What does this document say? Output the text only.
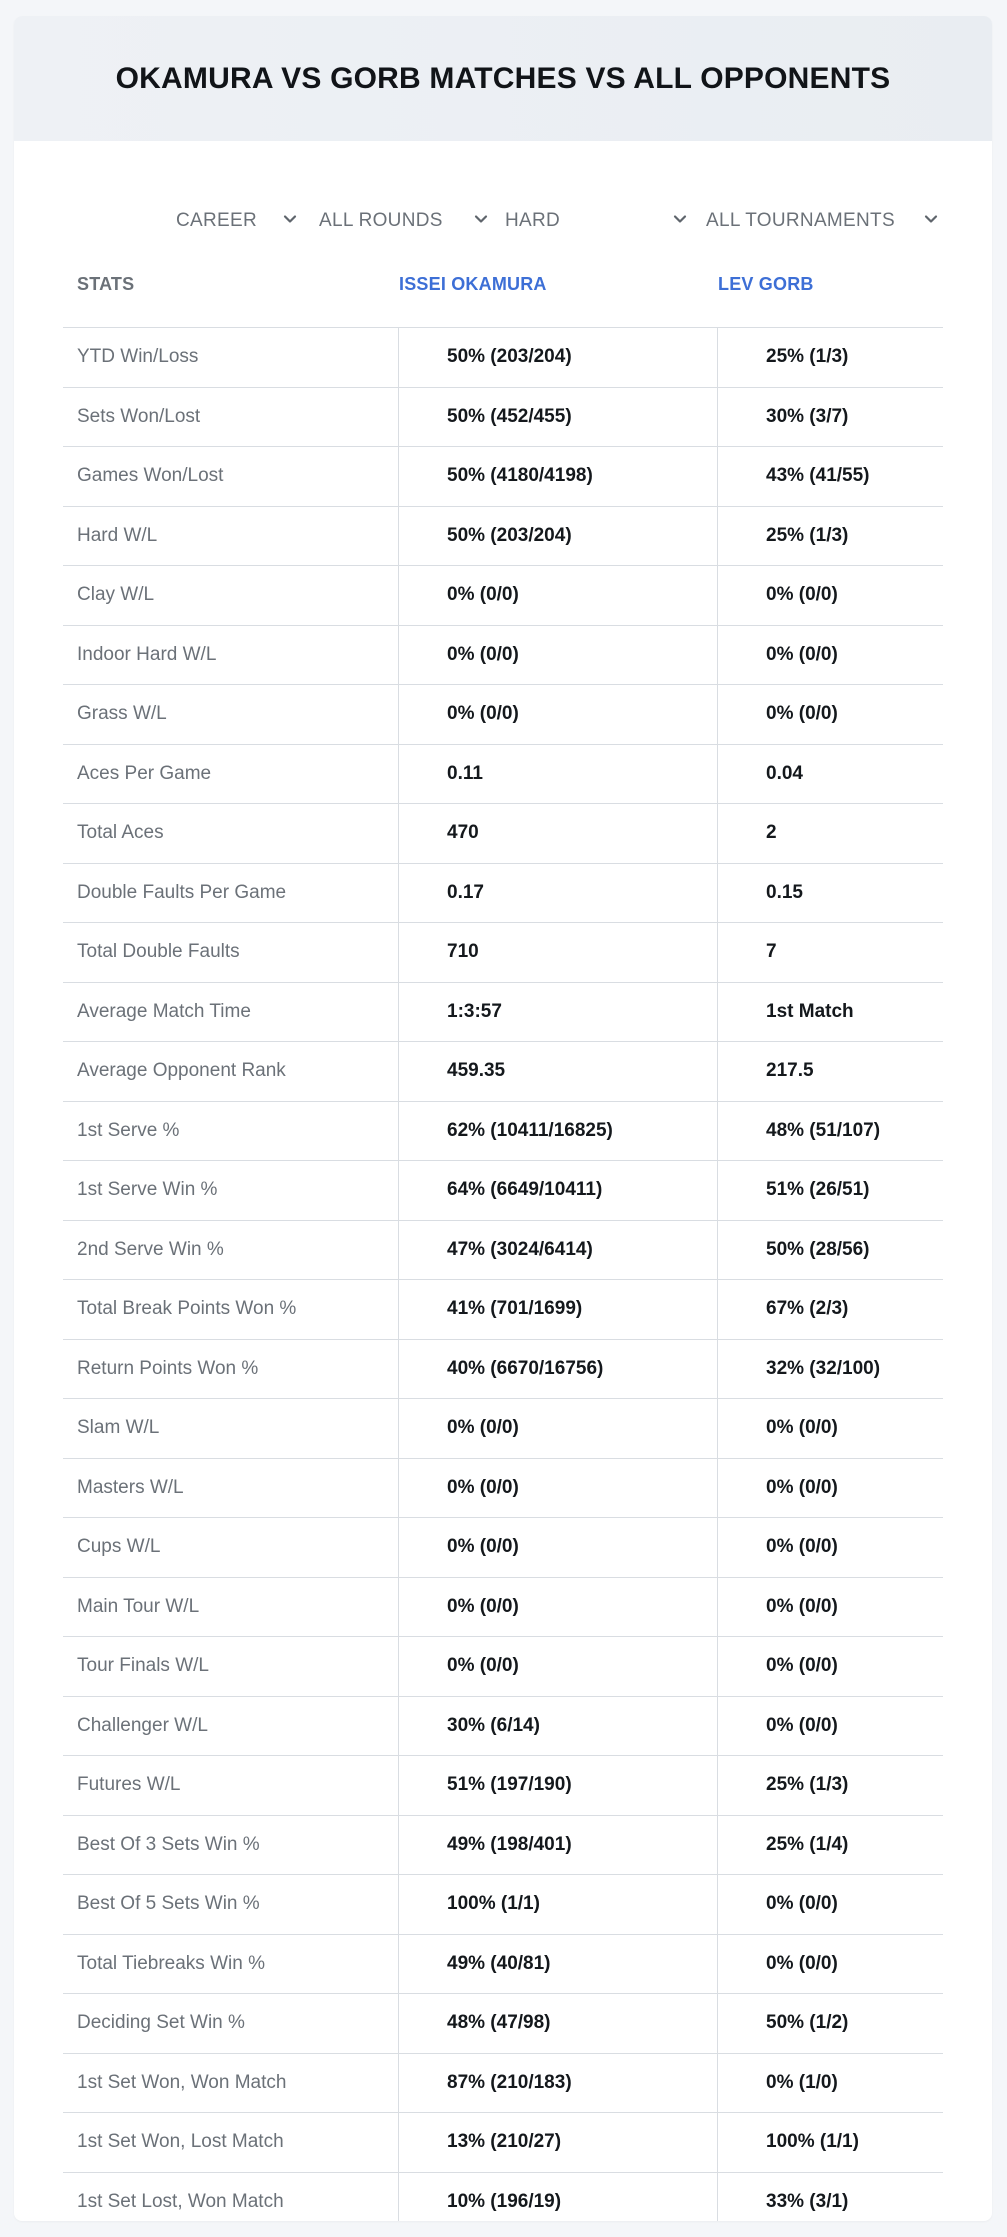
OKAMURA VS GORB MATCHES VS ALL OPPONENTS
CAREER	ALL ROUNDS	HARD	ALL TOURNAMENTS
STATS	ISSEI OKAMURA	LEV GORB
YTD Win/Loss	50% (203/204)	25% (1/3)
Sets Won/Lost	50% (452/455)	30% (3/7)
Games Won/Lost	50% (4180/4198)	43% (41/55)
Hard W/L	50% (203/204)	25% (1/3)
Clay W/L	0% (0/0)	0% (0/0)
Indoor Hard W/L	0% (0/0)	0% (0/0)
Grass W/L	0% (0/0)	0% (0/0)
Aces Per Game	0.11	0.04
Total Aces	470	2
Double Faults Per Game	0.17	0.15
Total Double Faults	710	7
Average Match Time	1:3:57	1st Match
Average Opponent Rank	459.35	217.5
1st Serve %	62% (10411/16825)	48% (51/107)
1st Serve Win %	64% (6649/10411)	51% (26/51)
2nd Serve Win %	47% (3024/6414)	50% (28/56)
Total Break Points Won %	41% (701/1699)	67% (2/3)
Return Points Won %	40% (6670/16756)	32% (32/100)
Slam W/L	0% (0/0)	0% (0/0)
Masters W/L	0% (0/0)	0% (0/0)
Cups W/L	0% (0/0)	0% (0/0)
Main Tour W/L	0% (0/0)	0% (0/0)
Tour Finals W/L	0% (0/0)	0% (0/0)
Challenger W/L	30% (6/14)	0% (0/0)
Futures W/L	51% (197/190)	25% (1/3)
Best Of 3 Sets Win %	49% (198/401)	25% (1/4)
Best Of 5 Sets Win %	100% (1/1)	0% (0/0)
Total Tiebreaks Win %	49% (40/81)	0% (0/0)
Deciding Set Win %	48% (47/98)	50% (1/2)
1st Set Won, Won Match	87% (210/183)	0% (1/0)
1st Set Won, Lost Match	13% (210/27)	100% (1/1)
1st Set Lost, Won Match	10% (196/19)	33% (3/1)
